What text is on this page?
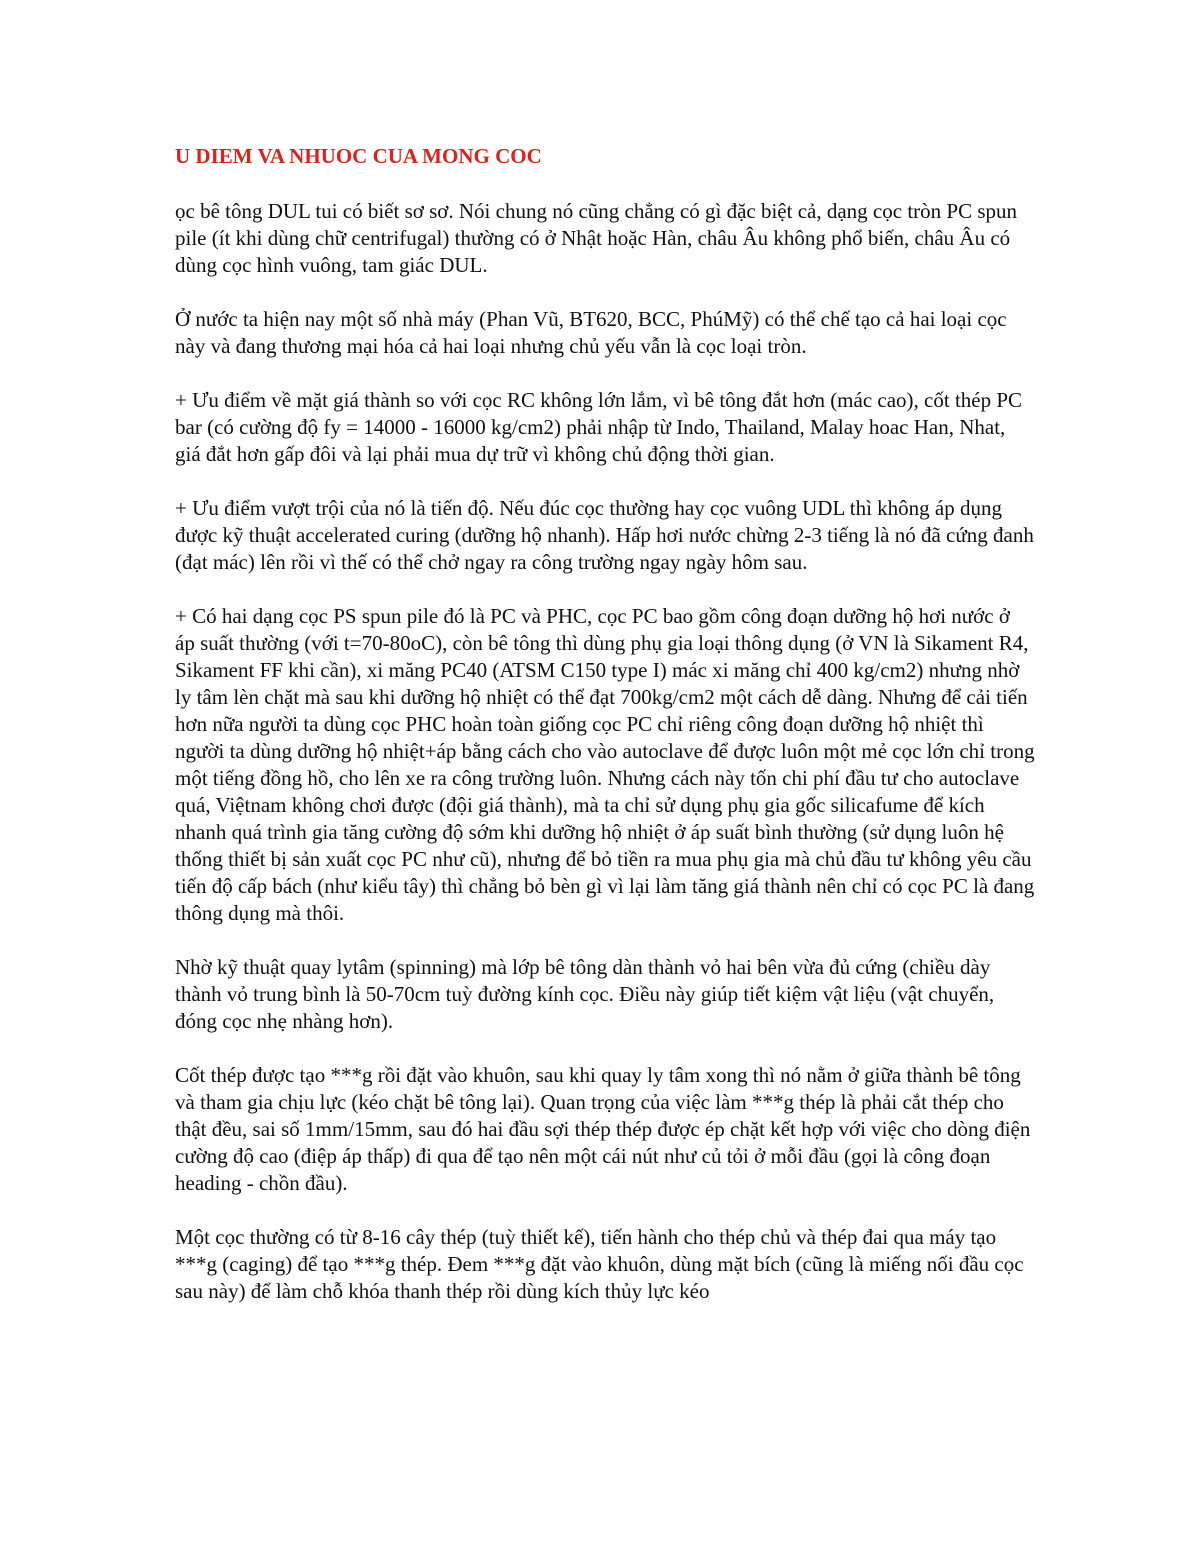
U DIEM VA NHUOC CUA MONG COC

ọc bê tông DUL tui có biết sơ sơ. Nói chung nó cũng chẳng có gì đặc biệt cả, dạng cọc tròn PC spun pile (ít khi dùng chữ centrifugal) thường có ở Nhật hoặc Hàn, châu Âu không phổ biến, châu Âu có dùng cọc hình vuông, tam giác DUL.

Ở nước ta hiện nay một số nhà máy (Phan Vũ, BT620, BCC, PhúMỹ) có thể chế tạo cả hai loại cọc này và đang thương mại hóa cả hai loại nhưng chủ yếu vẫn là cọc loại tròn.

+ Ưu điểm về mặt giá thành so với cọc RC không lớn lắm, vì bê tông đắt hơn (mác cao), cốt thép PC bar (có cường độ fy = 14000 - 16000 kg/cm2) phải nhập từ Indo, Thailand, Malay hoac Han, Nhat, giá đắt hơn gấp đôi và lại phải mua dự trữ vì không chủ động thời gian.

+ Ưu điểm vượt trội của nó là tiến độ. Nếu đúc cọc thường hay cọc vuông UDL thì không áp dụng được kỹ thuật accelerated curing (dưỡng hộ nhanh). Hấp hơi nước chừng 2-3 tiếng là nó đã cứng đanh (đạt mác) lên rồi vì thế có thể chở ngay ra công trường ngay ngày hôm sau.

+ Có hai dạng cọc PS spun pile đó là PC và PHC, cọc PC bao gồm công đoạn dưỡng hộ hơi nước ở áp suất thường (với t=70-80oC), còn bê tông thì dùng phụ gia loại thông dụng (ở VN là Sikament R4, Sikament FF khi cần), xi măng PC40 (ATSM C150 type I) mác xi măng chỉ 400 kg/cm2) nhưng nhờ ly tâm lèn chặt mà sau khi dưỡng hộ nhiệt có thể đạt 700kg/cm2 một cách dễ dàng. Nhưng để cải tiến hơn nữa người ta dùng cọc PHC hoàn toàn giống cọc PC chỉ riêng công đoạn dưỡng hộ nhiệt thì người ta dùng dưỡng hộ nhiệt+áp bằng cách cho vào autoclave để được luôn một mẻ cọc lớn chỉ trong một tiếng đồng hồ, cho lên xe ra công trường luôn. Nhưng cách này tốn chi phí đầu tư cho autoclave quá, Việtnam không chơi được (đội giá thành), mà ta chỉ sử dụng phụ gia gốc silicafume để kích nhanh quá trình gia tăng cường độ sớm khi dưỡng hộ nhiệt ở áp suất bình thường (sử dụng luôn hệ thống thiết bị sản xuất cọc PC như cũ), nhưng để bỏ tiền ra mua phụ gia mà chủ đầu tư không yêu cầu tiến độ cấp bách (như kiểu tây) thì chẳng bỏ bèn gì vì lại làm tăng giá thành nên chỉ có cọc PC là đang thông dụng mà thôi.

Nhờ kỹ thuật quay lytâm (spinning) mà lớp bê tông dàn thành vỏ hai bên vừa đủ cứng (chiều dày thành vỏ trung bình là 50-70cm tuỳ đường kính cọc. Điều này giúp tiết kiệm vật liệu (vật chuyển, đóng cọc nhẹ nhàng hơn).

Cốt thép được tạo ***g rồi đặt vào khuôn, sau khi quay ly tâm xong thì nó nằm ở giữa thành bê tông và tham gia chịu lực (kéo chặt bê tông lại). Quan trọng của việc làm ***g thép là phải cắt thép cho thật đều, sai số 1mm/15mm, sau đó hai đầu sợi thép thép được ép chặt kết hợp với việc cho dòng điện cường độ cao (điệp áp thấp) đi qua để tạo nên một cái nút như củ tỏi ở mỗi đầu (gọi là công đoạn heading - chồn đầu).

Một cọc thường có từ 8-16 cây thép (tuỳ thiết kế), tiến hành cho thép chủ và thép đai qua máy tạo ***g (caging) để tạo ***g thép. Đem ***g đặt vào khuôn, dùng mặt bích (cũng là miếng nối đầu cọc sau này) để làm chỗ khóa thanh thép rồi dùng kích thủy lực kéo
